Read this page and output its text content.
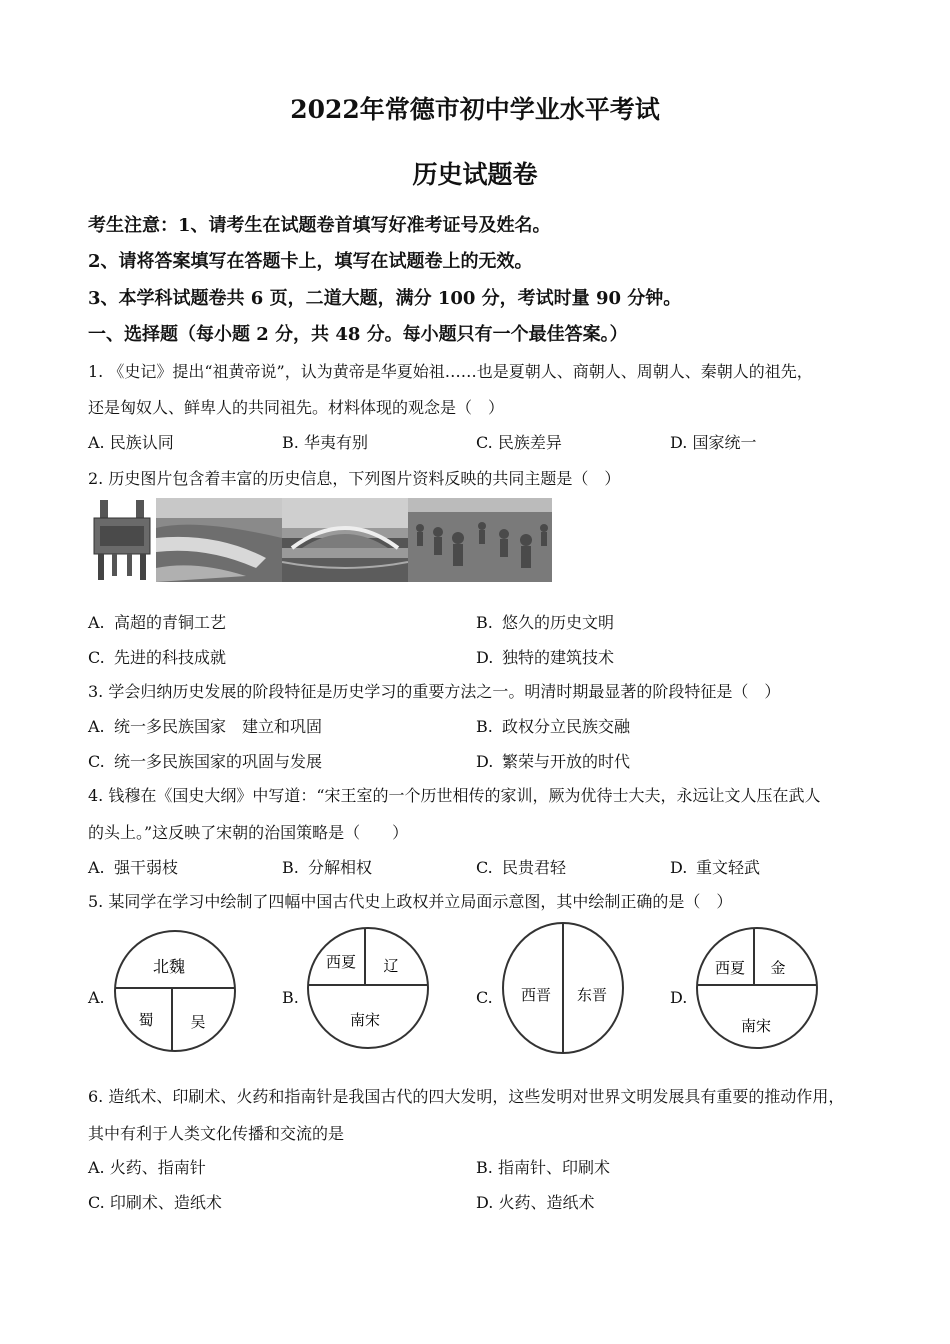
2022年常德市初中学业水平考试
历史试题卷
考生注意：1、请考生在试题卷首填写好准考证号及姓名。
2、请将答案填写在答题卡上，填写在试题卷上的无效。
3、本学科试题卷共 6 页，二道大题，满分 100 分，考试时量 90 分钟。
一、选择题（每小题 2 分，共 48 分。每小题只有一个最佳答案。）
1. 《史记》提出“祖黄帝说”，认为黄帝是华夏始祖……也是夏朝人、商朝人、周朝人、秦朝人的祖先，
还是匈奴人、鲜卑人的共同祖先。材料体现的观念是（　）
A. 民族认同	B. 华夷有别	C. 民族差异	D. 国家统一
2. 历史图片包含着丰富的历史信息，下列图片资料反映的共同主题是（　）
A. 高超的青铜工艺	B. 悠久的历史文明
C. 先进的科技成就	D. 独特的建筑技术
3. 学会归纳历史发展的阶段特征是历史学习的重要方法之一。明清时期最显著的阶段特征是（　）
A. 统一多民族国家　建立和巩固	B. 政权分立民族交融
C. 统一多民族国家的巩固与发展	D. 繁荣与开放的时代
4. 钱穆在《国史大纲》中写道：“宋王室的一个历世相传的家训，厥为优待士大夫，永远让文人压在武人
的头上。”这反映了宋朝的治国策略是（　　）
A. 强干弱枝	B. 分解相权	C. 民贵君轻	D. 重文轻武
5. 某同学在学习中绘制了四幅中国古代史上政权并立局面示意图，其中绘制正确的是（　）
A.
北魏
蜀 吴
B.
西夏 辽
南宋
C. 西晋 东晋	D.
西夏 金
南宋
6. 造纸术、印刷术、火药和指南针是我国古代的四大发明，这些发明对世界文明发展具有重要的推动作用，
其中有利于人类文化传播和交流的是
A. 火药、指南针	B. 指南针、印刷术
C. 印刷术、造纸术	D. 火药、造纸术
